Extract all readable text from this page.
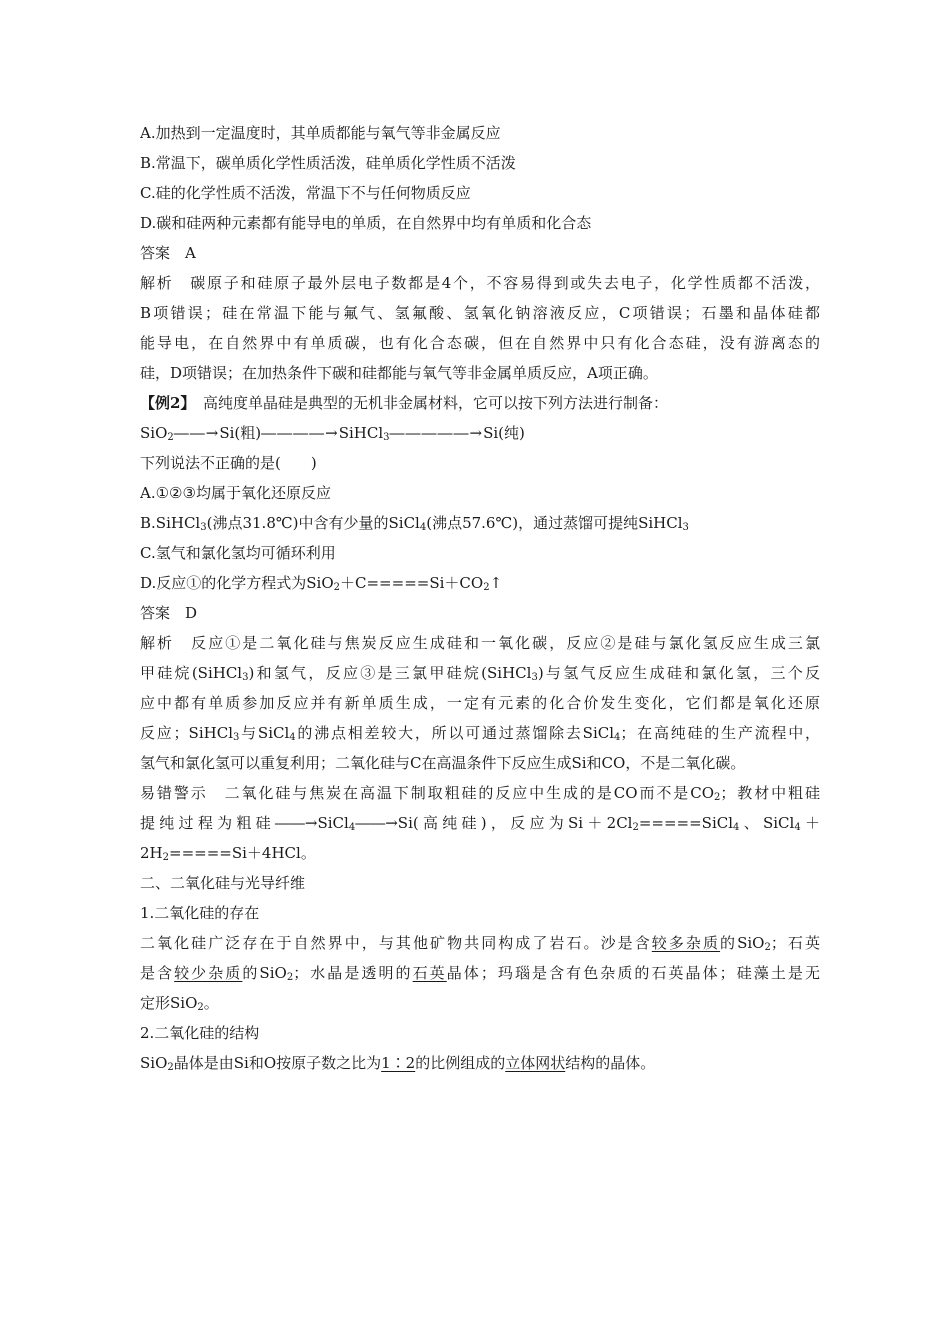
A.加热到一定温度时，其单质都能与氧气等非金属反应
B.常温下，碳单质化学性质活泼，硅单质化学性质不活泼
C.硅的化学性质不活泼，常温下不与任何物质反应
D.碳和硅两种元素都有能导电的单质，在自然界中均有单质和化合态
答案  A
解析  碳原子和硅原子最外层电子数都是4个，不容易得到或失去电子，化学性质都不活泼，
B项错误；硅在常温下能与氟气、氢氟酸、氢氧化钠溶液反应，C项错误；石墨和晶体硅都
能导电，在自然界中有单质碳，也有化合态碳，但在自然界中只有化合态硅，没有游离态的
硅，D项错误；在加热条件下碳和硅都能与氧气等非金属单质反应，A项正确。
【例2】  高纯度单晶硅是典型的无机非金属材料，它可以按下列方法进行制备：
SiO$_2$――→Si(粗)――――→SiHCl$_3$―――――→Si(纯)
下列说法不正确的是(　　)
A.①②③均属于氧化还原反应
B.SiHCl$_3$(沸点31.8℃)中含有少量的SiCl$_4$(沸点57.6℃)，通过蒸馏可提纯SiHCl$_3$
C.氢气和氯化氢均可循环利用
D.反应①的化学方程式为$SiO_2+C=====Si+CO_2↑$
答案  D
解析  反应①是二氧化硅与焦炭反应生成硅和一氧化碳，反应②是硅与氯化氢反应生成三氯
甲硅烷(SiHCl$_3$)和氢气，反应③是三氯甲硅烷(SiHCl$_3$)与氢气反应生成硅和氯化氢，三个反
应中都有单质参加反应并有新单质生成，一定有元素的化合价发生变化，它们都是氧化还原
反应；SiHCl$_3$与SiCl$_4$的沸点相差较大，所以可通过蒸馏除去SiCl$_4$；在高纯硅的生产流程中，
氢气和氯化氢可以重复利用；二氧化硅与C在高温条件下反应生成Si和CO，不是二氧化碳。
易错警示  二氧化硅与焦炭在高温下制取粗硅的反应中生成的是CO而不是$CO_2$；教材中粗硅
提纯过程为粗硅――→SiCl$_4$――→Si(高纯硅)，反应为$Si+2Cl_2=====SiCl_4$、SiCl$_4$＋
$2H_2=====Si+4HCl$。
二、二氧化硅与光导纤维
1.二氧化硅的存在
二氧化硅广泛存在于自然界中，与其他矿物共同构成了岩石。沙是含较多杂质的SiO$_2$；石英
是含较少杂质的SiO$_2$；水晶是透明的石英晶体；玛瑙是含有色杂质的石英晶体；硅藻土是无
定形SiO$_2$。
2.二氧化硅的结构
SiO$_2$晶体是由Si和O按原子数之比为1∶2的比例组成的立体网状结构的晶体。
